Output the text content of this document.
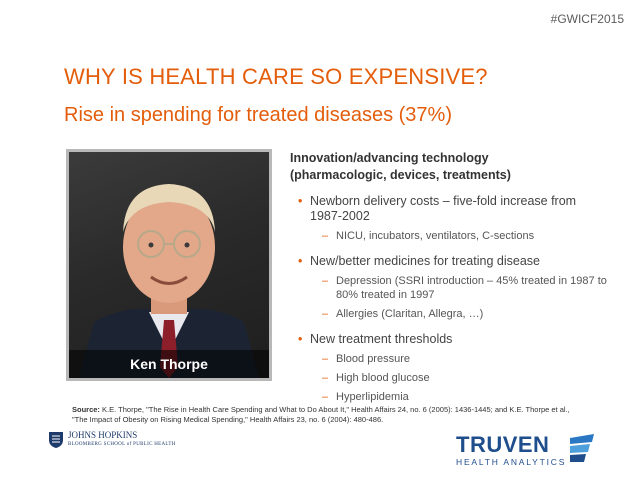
#GWICF2015
WHY IS HEALTH CARE SO EXPENSIVE?
Rise in spending for treated diseases (37%)
Ken Thorpe
Innovation/advancing technology
(pharmacologic, devices, treatments)
• Newborn delivery costs – five-fold increase from 1987-2002
– NICU, incubators, ventilators, C-sections
• New/better medicines for treating disease
– Depression (SSRI introduction – 45% treated in 1987 to 80% treated in 1997
– Allergies (Claritan, Allegra, …)
• New treatment thresholds
– Blood pressure
– High blood glucose
– Hyperlipidemia
Source: K.E. Thorpe, "The Rise in Health Care Spending and What to Do About It," Health Affairs 24, no. 6 (2005): 1436-1445; and K.E. Thorpe et al., "The Impact of Obesity on Rising Medical Spending," Health Affairs 23, no. 6 (2004): 480-486.
JOHNS HOPKINS
BLOOMBERG SCHOOL of PUBLIC HEALTH	TRUVEN
HEALTH ANALYTICS
